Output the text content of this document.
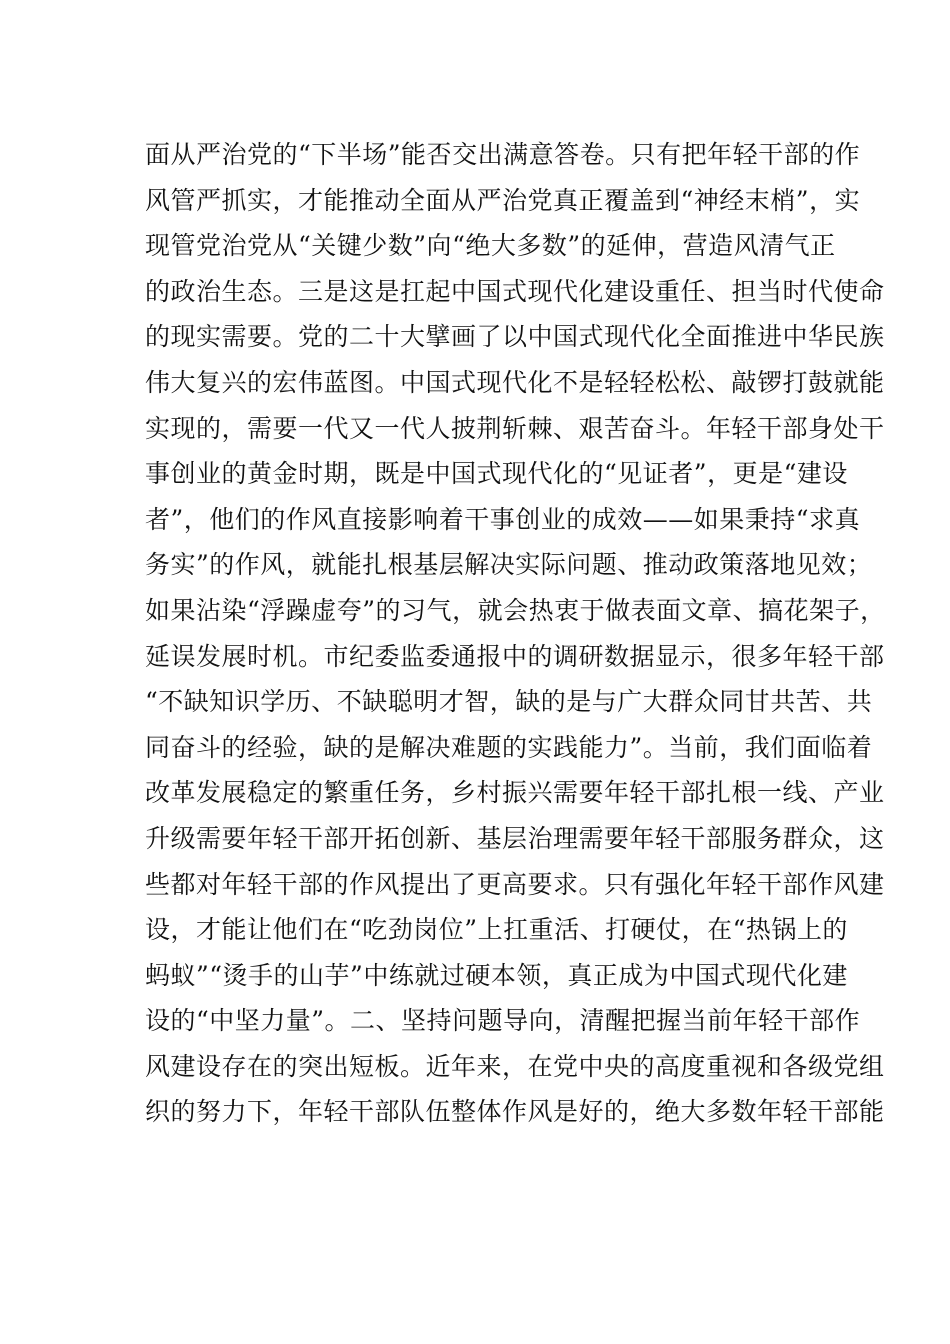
面从严治党的“下半场”能否交出满意答卷。只有把年轻干部的作
风管严抓实，才能推动全面从严治党真正覆盖到“神经末梢”，实
现管党治党从“关键少数”向“绝大多数”的延伸，营造风清气正
的政治生态。三是这是扛起中国式现代化建设重任、担当时代使命
的现实需要。党的二十大擘画了以中国式现代化全面推进中华民族
伟大复兴的宏伟蓝图。中国式现代化不是轻轻松松、敲锣打鼓就能
实现的，需要一代又一代人披荆斩棘、艰苦奋斗。年轻干部身处干
事创业的黄金时期，既是中国式现代化的“见证者”，更是“建设
者”，他们的作风直接影响着干事创业的成效——如果秉持“求真
务实”的作风，就能扎根基层解决实际问题、推动政策落地见效；
如果沾染“浮躁虚夸”的习气，就会热衷于做表面文章、搞花架子，
延误发展时机。市纪委监委通报中的调研数据显示，很多年轻干部
“不缺知识学历、不缺聪明才智，缺的是与广大群众同甘共苦、共
同奋斗的经验，缺的是解决难题的实践能力”。当前，我们面临着
改革发展稳定的繁重任务，乡村振兴需要年轻干部扎根一线、产业
升级需要年轻干部开拓创新、基层治理需要年轻干部服务群众，这
些都对年轻干部的作风提出了更高要求。只有强化年轻干部作风建
设，才能让他们在“吃劲岗位”上扛重活、打硬仗，在“热锅上的
蚂蚁”“烫手的山芋”中练就过硬本领，真正成为中国式现代化建
设的“中坚力量”。二、坚持问题导向，清醒把握当前年轻干部作
风建设存在的突出短板。近年来，在党中央的高度重视和各级党组
织的努力下，年轻干部队伍整体作风是好的，绝大多数年轻干部能
